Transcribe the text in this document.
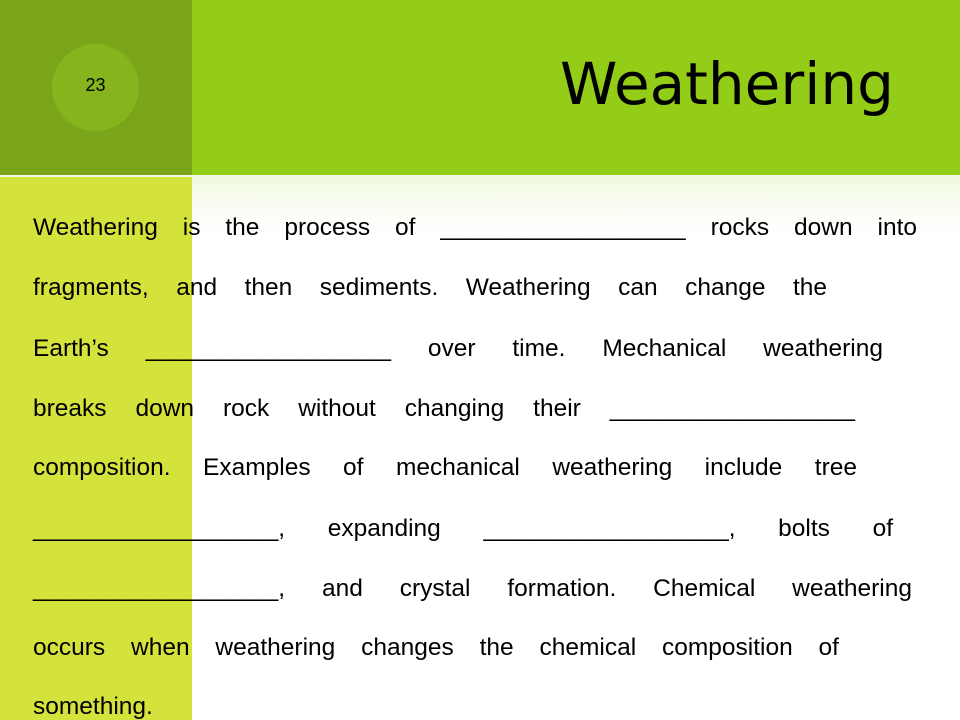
23	Weathering
Weathering is the process of __________________ rocks down into
fragments, and then sediments. Weathering can change the
Earth’s __________________ over time. Mechanical weathering
breaks down rock without changing their __________________
composition. Examples of mechanical weathering include tree
__________________, expanding __________________, bolts of
__________________, and crystal formation. Chemical weathering
occurs when weathering changes the chemical composition of
something.
